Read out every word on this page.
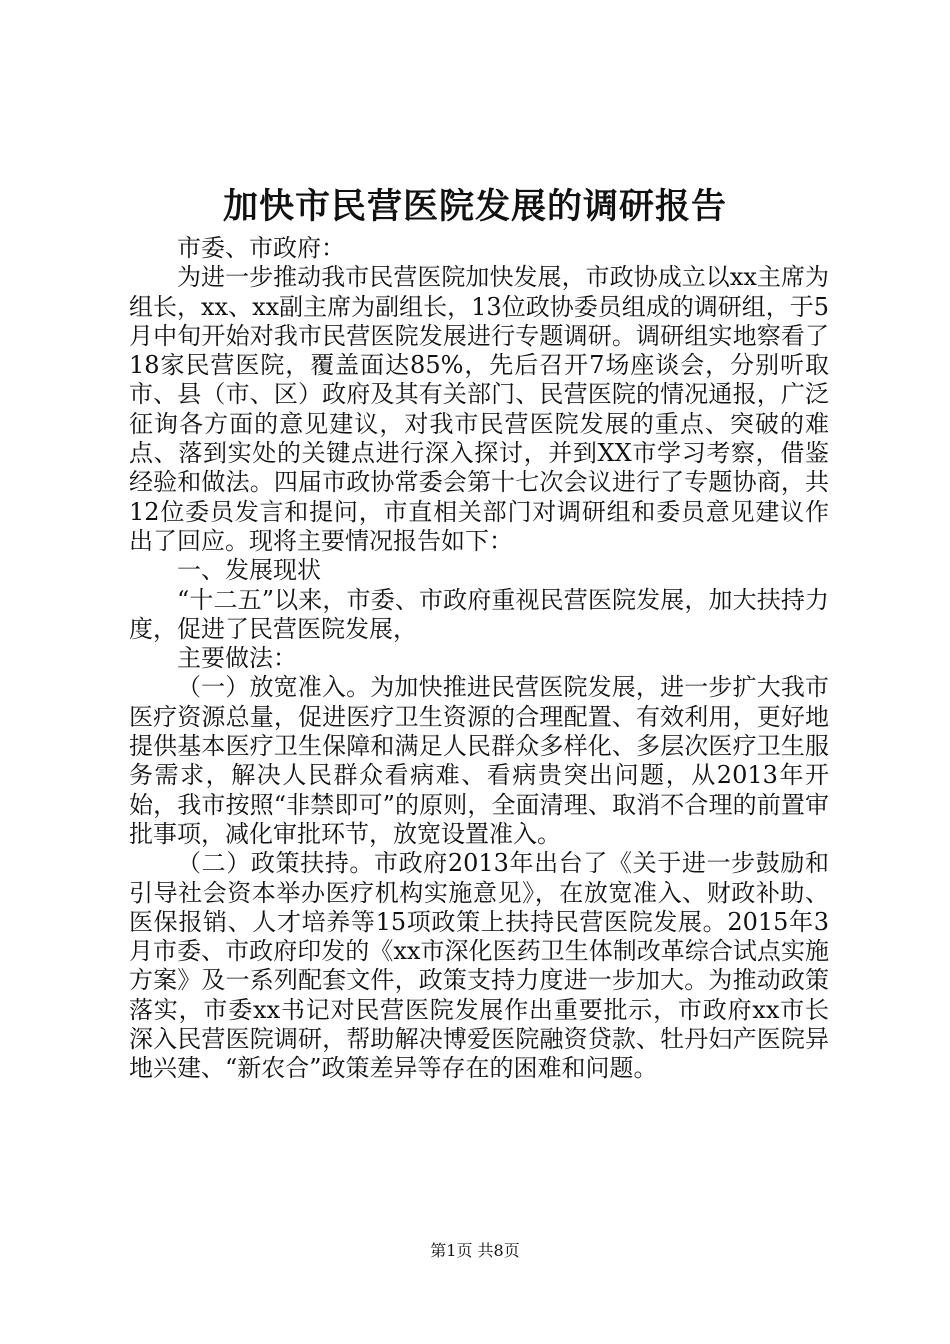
加快市民营医院发展的调研报告

市委、市政府：

为进一步推动我市民营医院加快发展，市政协成立以xx主席为组长，xx、xx副主席为副组长，13位政协委员组成的调研组，于5月中旬开始对我市民营医院发展进行专题调研。调研组实地察看了18家民营医院，覆盖面达85%，先后召开7场座谈会，分别听取市、县（市、区）政府及其有关部门、民营医院的情况通报，广泛征询各方面的意见建议，对我市民营医院发展的重点、突破的难点、落到实处的关键点进行深入探讨，并到XX市学习考察，借鉴经验和做法。四届市政协常委会第十七次会议进行了专题协商，共12位委员发言和提问，市直相关部门对调研组和委员意见建议作出了回应。现将主要情况报告如下：

一、发展现状

“十二五”以来，市委、市政府重视民营医院发展，加大扶持力度，促进了民营医院发展，

主要做法：

（一）放宽准入。为加快推进民营医院发展，进一步扩大我市医疗资源总量，促进医疗卫生资源的合理配置、有效利用，更好地提供基本医疗卫生保障和满足人民群众多样化、多层次医疗卫生服务需求，解决人民群众看病难、看病贵突出问题，从2013年开始，我市按照“非禁即可”的原则，全面清理、取消不合理的前置审批事项，减化审批环节，放宽设置准入。

（二）政策扶持。市政府2013年出台了《关于进一步鼓励和引导社会资本举办医疗机构实施意见》，在放宽准入、财政补助、医保报销、人才培养等15项政策上扶持民营医院发展。2015年3月市委、市政府印发的《xx市深化医药卫生体制改革综合试点实施方案》及一系列配套文件，政策支持力度进一步加大。为推动政策落实，市委xx书记对民营医院发展作出重要批示，市政府xx市长深入民营医院调研，帮助解决博爱医院融资贷款、牡丹妇产医院异地兴建、“新农合”政策差异等存在的困难和问题。

第1页 共8页
